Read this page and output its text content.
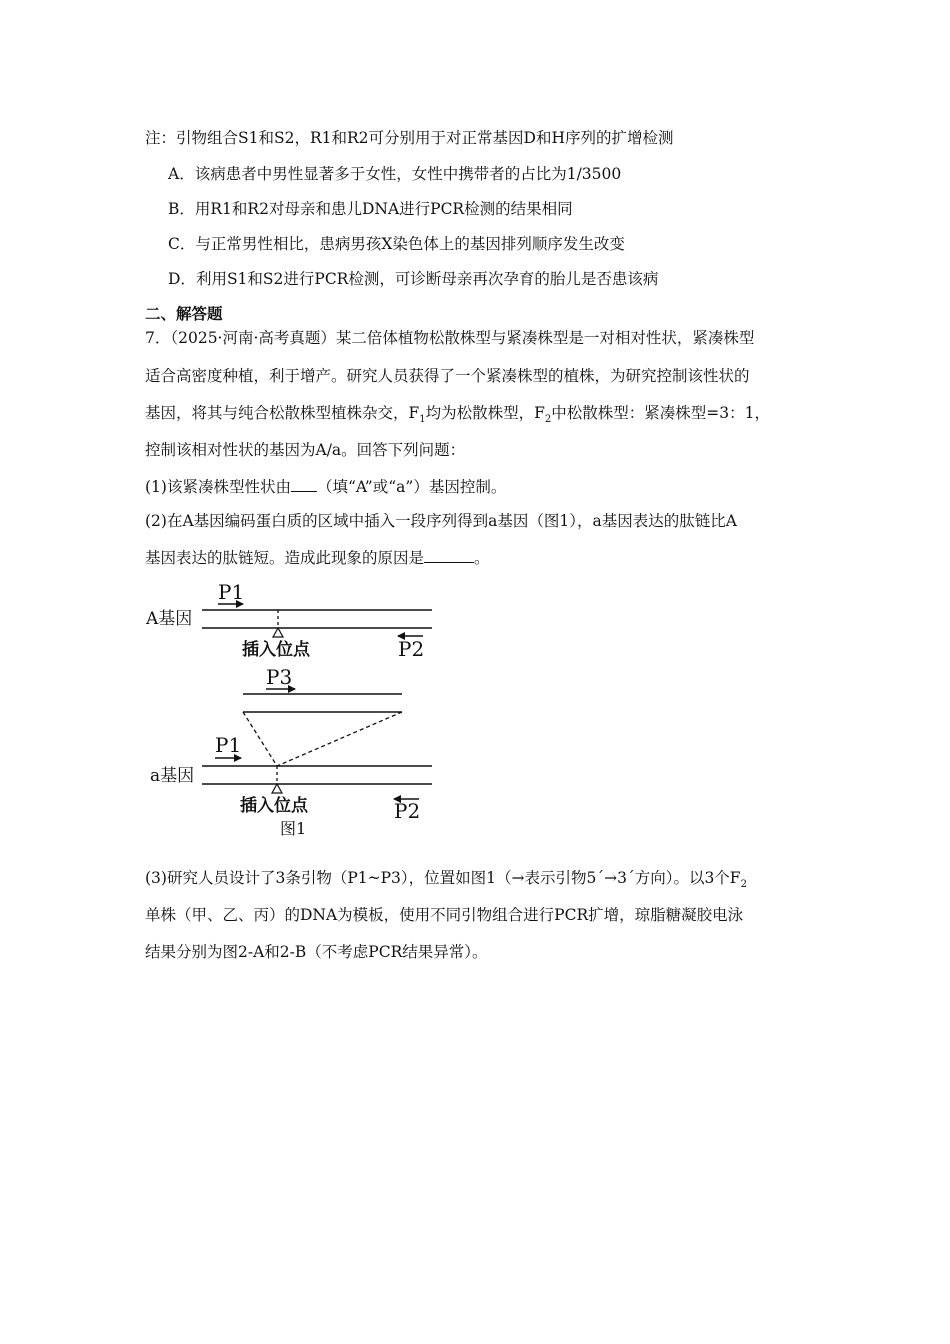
注：引物组合S1和S2，R1和R2可分别用于对正常基因D和H序列的扩增检测
A．该病患者中男性显著多于女性，女性中携带者的占比为1/3500
B．用R1和R2对母亲和患儿DNA进行PCR检测的结果相同
C．与正常男性相比，患病男孩X染色体上的基因排列顺序发生改变
D．利用S1和S2进行PCR检测，可诊断母亲再次孕育的胎儿是否患该病
二、解答题
7．（2025·河南·高考真题）某二倍体植物松散株型与紧凑株型是一对相对性状，紧凑株型
适合高密度种植，利于增产。研究人员获得了一个紧凑株型的植株，为研究控制该性状的
基因，将其与纯合松散株型植株杂交，$F_1$均为松散株型，$F_2$中松散株型：紧凑株型=3：1，
控制该相对性状的基因为A/a。回答下列问题：
(1)该紧凑株型性状由 （填“A”或“a”）基因控制。
(2)在A基因编码蛋白质的区域中插入一段序列得到a基因（图1），a基因表达的肽链比A
基因表达的肽链短。造成此现象的原因是	。
A基因
P1
插入位点	P2
P3
a基因
P1
插入位点	P2
图1
(3)研究人员设计了3条引物（P1~P3），位置如图1（→表示引物5´→3´方向）。以3个$F_2$
单株（甲、乙、丙）的DNA为模板，使用不同引物组合进行PCR扩增，琼脂糖凝胶电泳
结果分别为图2-A和2-B（不考虑PCR结果异常）。
